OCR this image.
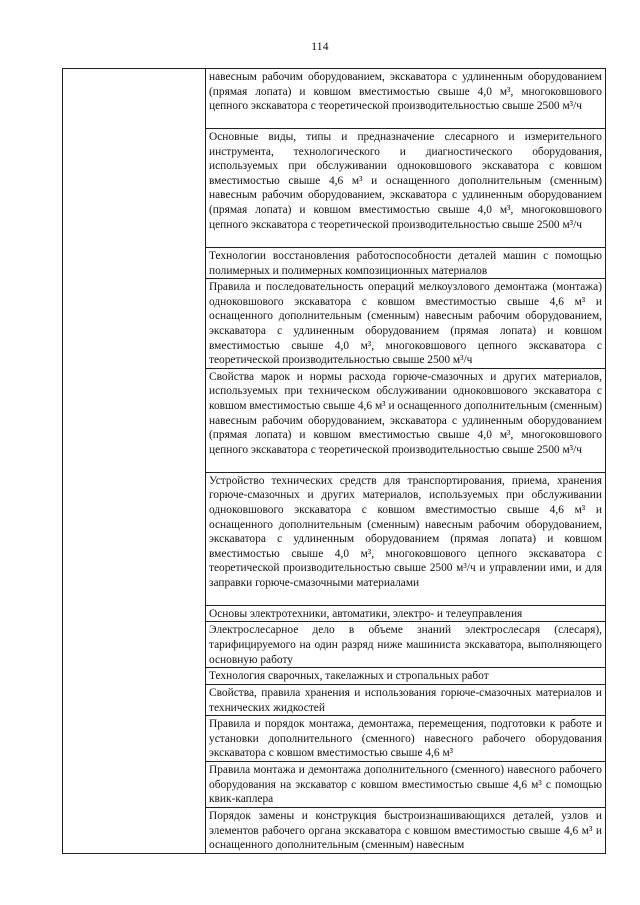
114

навесным рабочим оборудованием, экскаватора с удлиненным оборудованием (прямая лопата) и ковшом вместимостью свыше 4,0 м³, многоковшового цепного экскаватора с теоретической производительностью свыше 2500 м³/ч

Основные виды, типы и предназначение слесарного и измерительного инструмента, технологического и диагностического оборудования, используемых при обслуживании одноковшового экскаватора с ковшом вместимостью свыше 4,6 м³ и оснащенного дополнительным (сменным) навесным рабочим оборудованием, экскаватора с удлиненным оборудованием (прямая лопата) и ковшом вместимостью свыше 4,0 м³, многоковшового цепного экскаватора с теоретической производительностью свыше 2500 м³/ч

Технологии восстановления работоспособности деталей машин с помощью полимерных и полимерных композиционных материалов

Правила и последовательность операций мелкоузлового демонтажа (монтажа) одноковшового экскаватора с ковшом вместимостью свыше 4,6 м³ и оснащенного дополнительным (сменным) навесным рабочим оборудованием, экскаватора с удлиненным оборудованием (прямая лопата) и ковшом вместимостью свыше 4,0 м³, многоковшового цепного экскаватора с теоретической производительностью свыше 2500 м³/ч

Свойства марок и нормы расхода горюче-смазочных и других материалов, используемых при техническом обслуживании одноковшового экскаватора с ковшом вместимостью свыше 4,6 м³ и оснащенного дополнительным (сменным) навесным рабочим оборудованием, экскаватора с удлиненным оборудованием (прямая лопата) и ковшом вместимостью свыше 4,0 м³, многоковшового цепного экскаватора с теоретической производительностью свыше 2500 м³/ч

Устройство технических средств для транспортирования, приема, хранения горюче-смазочных и других материалов, используемых при обслуживании одноковшового экскаватора с ковшом вместимостью свыше 4,6 м³ и оснащенного дополнительным (сменным) навесным рабочим оборудованием, экскаватора с удлиненным оборудованием (прямая лопата) и ковшом вместимостью свыше 4,0 м³, многоковшового цепного экскаватора с теоретической производительностью свыше 2500 м³/ч и управлении ими, и для заправки горюче-смазочными материалами

Основы электротехники, автоматики, электро- и телеуправления

Электрослесарное дело в объеме знаний электрослесаря (слесаря), тарифицируемого на один разряд ниже машиниста экскаватора, выполняющего основную работу

Технология сварочных, такелажных и стропальных работ

Свойства, правила хранения и использования горюче-смазочных материалов и технических жидкостей

Правила и порядок монтажа, демонтажа, перемещения, подготовки к работе и установки дополнительного (сменного) навесного рабочего оборудования экскаватора с ковшом вместимостью свыше 4,6 м³

Правила монтажа и демонтажа дополнительного (сменного) навесного рабочего оборудования на экскаватор с ковшом вместимостью свыше 4,6 м³ с помощью квик-каплера

Порядок замены и конструкция быстроизнашивающихся деталей, узлов и элементов рабочего органа экскаватора с ковшом вместимостью свыше 4,6 м³ и оснащенного дополнительным (сменным) навесным
